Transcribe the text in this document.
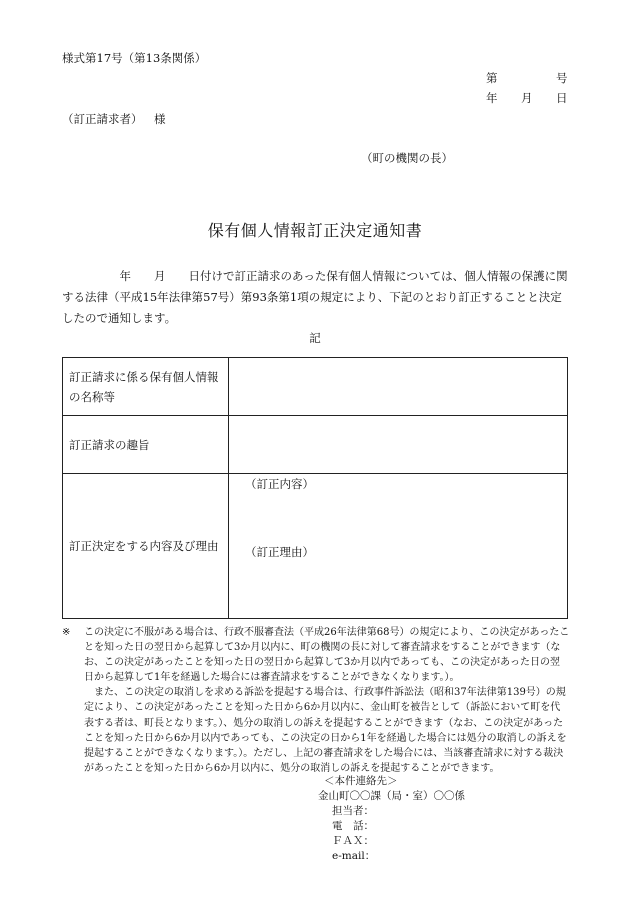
様式第17号（第13条関係）
第	号
年 月 日
（訂正請求者） 様
（町の機関の長）
保有個人情報訂正決定通知書

　　　　　年　　月　　日付けで訂正請求のあった保有個人情報については、個人情報の保護に関する法律（平成15年法律第57号）第93条第1項の規定により、下記のとおり訂正することと決定したので通知します。

記
訂正請求に係る保有個人情報の名称等	
訂正請求の趣旨	
訂正決定をする内容及び理由	（訂正内容）
（訂正理由）
※	この決定に不服がある場合は、行政不服審査法（平成26年法律第68号）の規定により、この決定があったことを知った日の翌日から起算して3か月以内に、町の機関の長に対して審査請求をすることができます（なお、この決定があったことを知った日の翌日から起算して3か月以内であっても、この決定があった日の翌日から起算して1年を経過した場合には審査請求をすることができなくなります。）。

また、この決定の取消しを求める訴訟を提起する場合は、行政事件訴訟法（昭和37年法律第139号）の規定により、この決定があったことを知った日から6か月以内に、金山町を被告として（訴訟において町を代表する者は、町長となります。）、処分の取消しの訴えを提起することができます（なお、この決定があったことを知った日から6か月以内であっても、この決定の日から1年を経過した場合には処分の取消しの訴えを提起することができなくなります。）。ただし、上記の審査請求をした場合には、当該審査請求に対する裁決があったことを知った日から6か月以内に、処分の取消しの訴えを提起することができます。

＜本件連絡先＞
金山町〇〇課（局・室）〇〇係
担当者：
電　話：
ＦＡＸ：
e-mail：
